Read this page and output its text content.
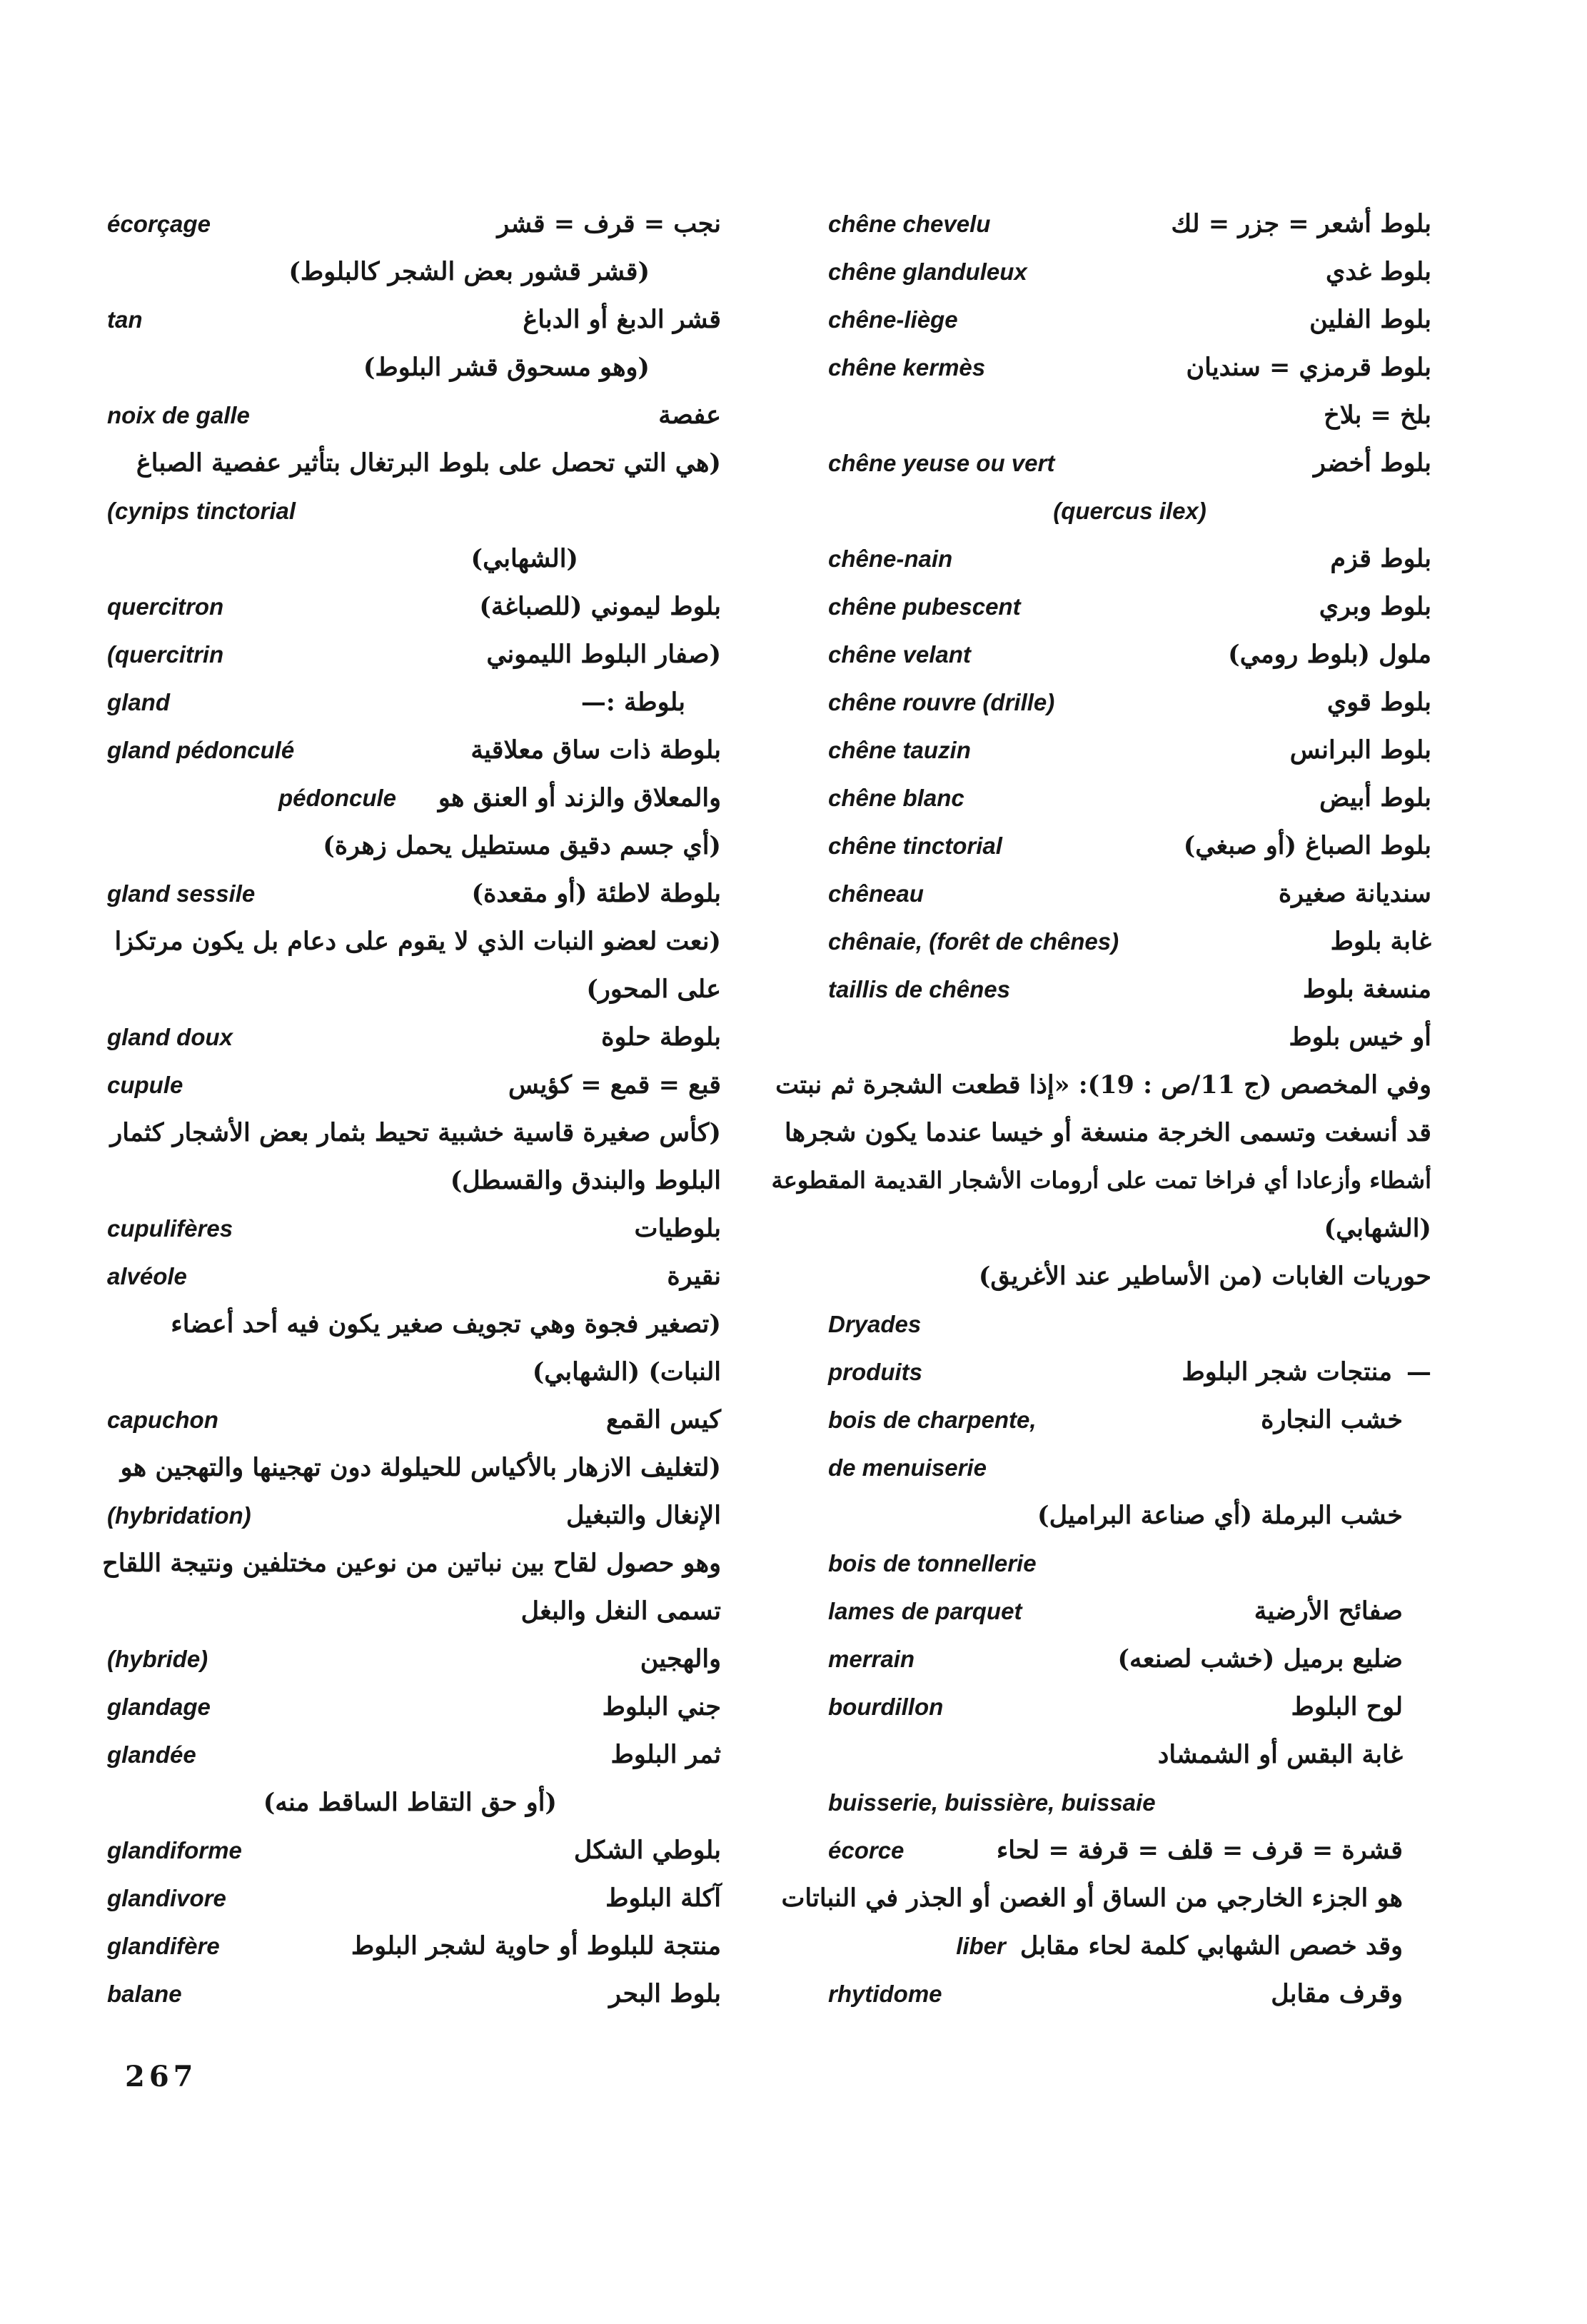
نجب = قرف = قشر
écorçage
(قشر قشور بعض الشجر كالبلوط)
قشر الدبغ أو الدباغ
tan
(وهو مسحوق قشر البلوط)
عفصة
noix de galle
(هي التي تحصل على بلوط البرتغال بتأثير عفصية الصباغ
(cynips tinctorial
(الشهابي)
بلوط ليموني (للصباغة)
quercitron
(صفار البلوط الليموني
(quercitrin
بلوطة :
—
gland
بلوطة ذات ساق معلاقية
gland pédonculé
والمعلاق والزند أو العنق هو
pédoncule
(أي جسم دقيق مستطيل يحمل زهرة)
بلوطة لاطئة (أو مقعدة)
gland sessile
(نعت لعضو النبات الذي لا يقوم على دعام بل يكون مرتكزا
على المحور)
بلوطة حلوة
gland doux
قبع = قمع = كؤيس
cupule
(كأس صغيرة قاسية خشبية تحيط بثمار بعض الأشجار كثمار
البلوط والبندق والقسطل)
بلوطيات
cupulifères
نقيرة
alvéole
(تصغير فجوة وهي تجويف صغير يكون فيه أحد أعضاء
النبات) (الشهابي)
كيس القمع
capuchon
(لتغليف الازهار بالأكياس للحيلولة دون تهجينها والتهجين هو
الإنغال والتبغيل
(hybridation)
وهو حصول لقاح بين نباتين من نوعين مختلفين ونتيجة اللقاح
تسمى النغل والبغل
والهجين
(hybride)
جني البلوط
glandage
ثمر البلوط
glandée
(أو حق التقاط الساقط منه)
بلوطي الشكل
glandiforme
آكلة البلوط
glandivore
منتجة للبلوط أو حاوية لشجر البلوط
glandifère
بلوط البحر
balane
بلوط أشعر = جزر = لك
chêne chevelu
بلوط غدي
chêne glanduleux
بلوط الفلين
chêne-liège
بلوط قرمزي = سنديان
chêne kermès
بلخ = بلاخ
بلوط أخضر
chêne yeuse ou vert
(quercus ilex)
بلوط قزم
chêne-nain
بلوط وبري
chêne pubescent
ملول (بلوط رومي)
chêne velant
بلوط قوي
chêne rouvre (drille)
بلوط البرانس
chêne tauzin
بلوط أبيض
chêne blanc
بلوط الصباغ (أو صبغي)
chêne tinctorial
سنديانة صغيرة
chêneau
غابة بلوط
chênaie, (forêt de chênes)
منسغة بلوط
taillis de chênes
أو خيس بلوط
وفي المخصص (ج 11/ص : 19): «إذا قطعت الشجرة ثم نبتت
قد أنسغت وتسمى الخرجة منسغة أو خيسا عندما يكون شجرها
أشطاء وأزعادا أي فراخا تمت على أرومات الأشجار القديمة المقطوعة
(الشهابي)
حوريات الغابات (من الأساطير عند الأغريق)
Dryades
—
منتجات شجر البلوط
produits
خشب النجارة
bois de charpente,
de menuiserie
خشب البرملة (أي صناعة البراميل)
bois de tonnellerie
صفائح الأرضية
lames de parquet
ضليع برميل (خشب لصنعه)
merrain
لوح البلوط
bourdillon
غابة البقس أو الشمشاد
buisserie, buissière, buissaie
قشرة = قرف = قلف = قرفة = لحاء
écorce
هو الجزء الخارجي من الساق أو الغصن أو الجذر في النباتات
وقد خصص الشهابي كلمة لحاء مقابل
liber
وقرف مقابل
rhytidome
267
